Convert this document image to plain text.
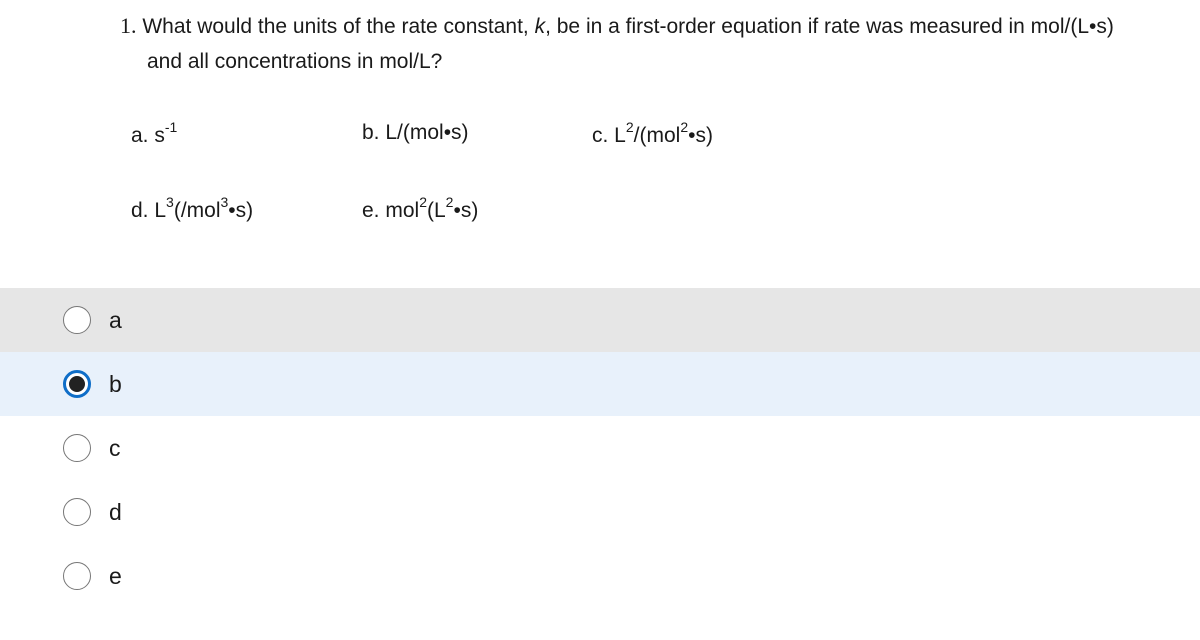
1. What would the units of the rate constant, k, be in a first-order equation if rate was measured in mol/(L•s)
and all concentrations in mol/L?
a. $s^{-1}$	b. L/(mol•s)	c. $L^2/(mol^2•s)$
d. $L^3(/mol^3•s)$	e. $mol^2(L^2•s)$
a
b
c
d
e
